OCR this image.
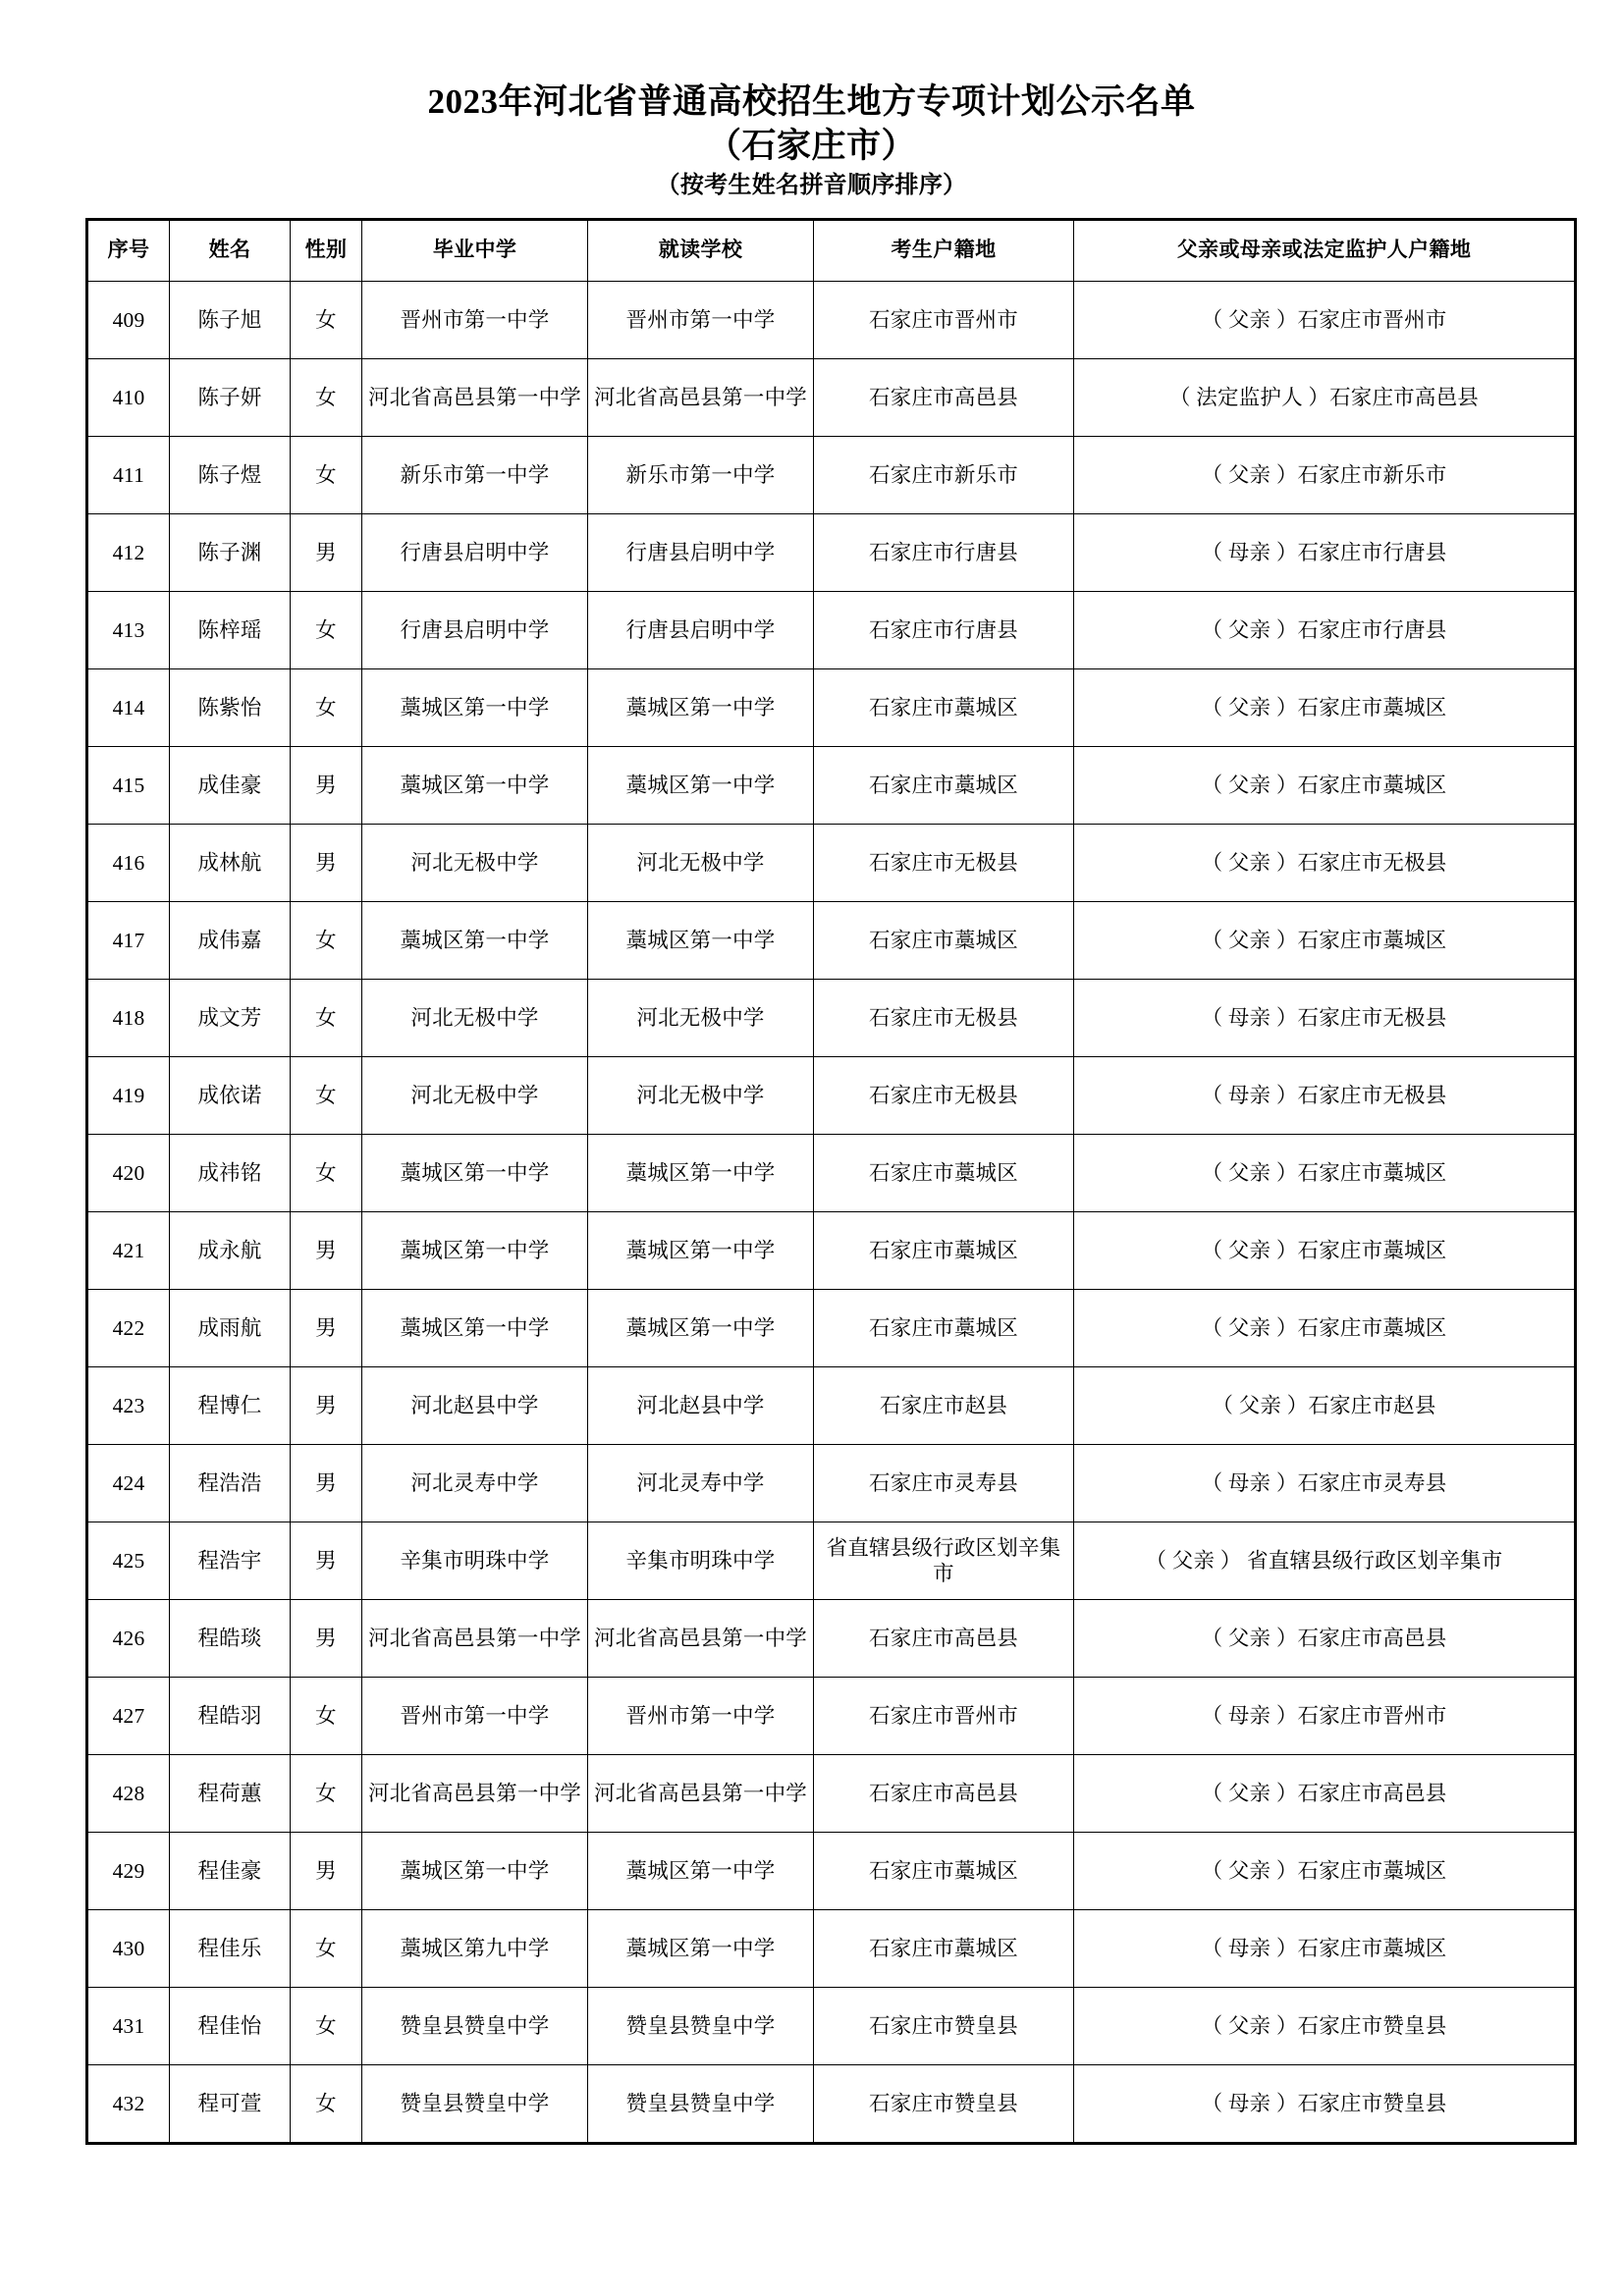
2023年河北省普通高校招生地方专项计划公示名单
（石家庄市）
（按考生姓名拼音顺序排序）
序号	姓名	性别	毕业中学	就读学校	考生户籍地	父亲或母亲或法定监护人户籍地
409	陈子旭	女	晋州市第一中学	晋州市第一中学	石家庄市晋州市	（ 父亲 ）石家庄市晋州市
410	陈子妍	女	河北省高邑县第一中学	河北省高邑县第一中学	石家庄市高邑县	（ 法定监护人 ）石家庄市高邑县
411	陈子煜	女	新乐市第一中学	新乐市第一中学	石家庄市新乐市	（ 父亲 ）石家庄市新乐市
412	陈子渊	男	行唐县启明中学	行唐县启明中学	石家庄市行唐县	（ 母亲 ）石家庄市行唐县
413	陈梓瑶	女	行唐县启明中学	行唐县启明中学	石家庄市行唐县	（ 父亲 ）石家庄市行唐县
414	陈紫怡	女	藁城区第一中学	藁城区第一中学	石家庄市藁城区	（ 父亲 ）石家庄市藁城区
415	成佳豪	男	藁城区第一中学	藁城区第一中学	石家庄市藁城区	（ 父亲 ）石家庄市藁城区
416	成林航	男	河北无极中学	河北无极中学	石家庄市无极县	（ 父亲 ）石家庄市无极县
417	成伟嘉	女	藁城区第一中学	藁城区第一中学	石家庄市藁城区	（ 父亲 ）石家庄市藁城区
418	成文芳	女	河北无极中学	河北无极中学	石家庄市无极县	（ 母亲 ）石家庄市无极县
419	成依诺	女	河北无极中学	河北无极中学	石家庄市无极县	（ 母亲 ）石家庄市无极县
420	成祎铭	女	藁城区第一中学	藁城区第一中学	石家庄市藁城区	（ 父亲 ）石家庄市藁城区
421	成永航	男	藁城区第一中学	藁城区第一中学	石家庄市藁城区	（ 父亲 ）石家庄市藁城区
422	成雨航	男	藁城区第一中学	藁城区第一中学	石家庄市藁城区	（ 父亲 ）石家庄市藁城区
423	程博仁	男	河北赵县中学	河北赵县中学	石家庄市赵县	（ 父亲 ）石家庄市赵县
424	程浩浩	男	河北灵寿中学	河北灵寿中学	石家庄市灵寿县	（ 母亲 ）石家庄市灵寿县
425	程浩宇	男	辛集市明珠中学	辛集市明珠中学	省直辖县级行政区划辛集市	（ 父亲 ） 省直辖县级行政区划辛集市
426	程皓琰	男	河北省高邑县第一中学	河北省高邑县第一中学	石家庄市高邑县	（ 父亲 ）石家庄市高邑县
427	程皓羽	女	晋州市第一中学	晋州市第一中学	石家庄市晋州市	（ 母亲 ）石家庄市晋州市
428	程荷蕙	女	河北省高邑县第一中学	河北省高邑县第一中学	石家庄市高邑县	（ 父亲 ）石家庄市高邑县
429	程佳豪	男	藁城区第一中学	藁城区第一中学	石家庄市藁城区	（ 父亲 ）石家庄市藁城区
430	程佳乐	女	藁城区第九中学	藁城区第一中学	石家庄市藁城区	（ 母亲 ）石家庄市藁城区
431	程佳怡	女	赞皇县赞皇中学	赞皇县赞皇中学	石家庄市赞皇县	（ 父亲 ）石家庄市赞皇县
432	程可萱	女	赞皇县赞皇中学	赞皇县赞皇中学	石家庄市赞皇县	（ 母亲 ）石家庄市赞皇县
